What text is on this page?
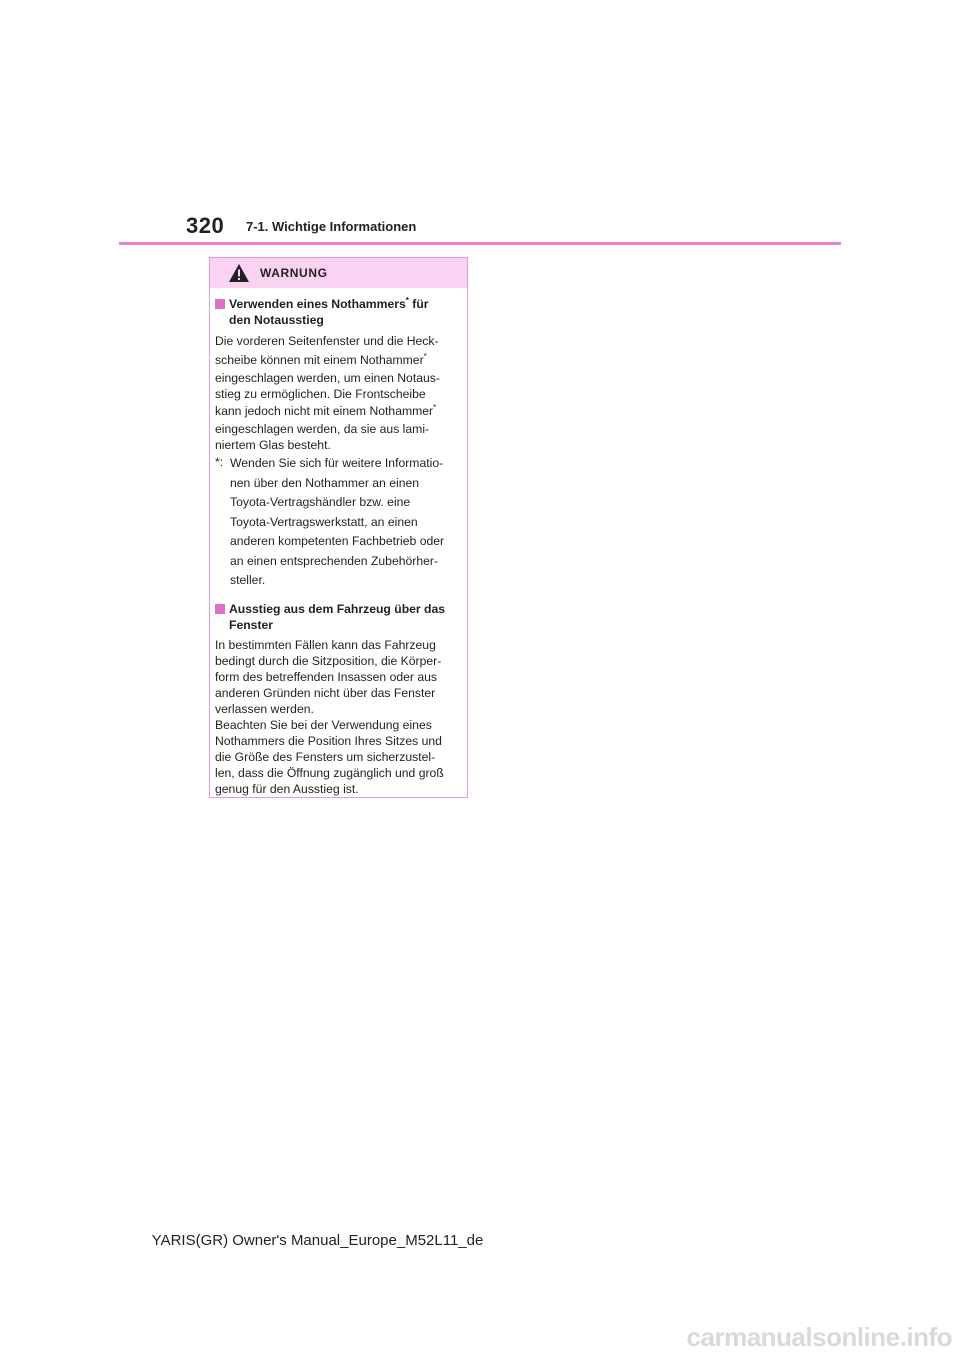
320 7-1. Wichtige Informationen
WARNUNG
Verwenden eines Nothammers* für
den Notausstieg
Die vorderen Seitenfenster und die Heck-
scheibe können mit einem Nothammer*
eingeschlagen werden, um einen Notaus-
stieg zu ermöglichen. Die Frontscheibe
kann jedoch nicht mit einem Nothammer*
eingeschlagen werden, da sie aus lami-
niertem Glas besteht.
*: Wenden Sie sich für weitere Informatio-
nen über den Nothammer an einen
Toyota-Vertragshändler bzw. eine
Toyota-Vertragswerkstatt, an einen
anderen kompetenten Fachbetrieb oder
an einen entsprechenden Zubehörher-
steller.
Ausstieg aus dem Fahrzeug über das
Fenster
In bestimmten Fällen kann das Fahrzeug
bedingt durch die Sitzposition, die Körper-
form des betreffenden Insassen oder aus
anderen Gründen nicht über das Fenster
verlassen werden.
Beachten Sie bei der Verwendung eines
Nothammers die Position Ihres Sitzes und
die Größe des Fensters um sicherzustel-
len, dass die Öffnung zugänglich und groß
genug für den Ausstieg ist.
YARIS(GR) Owner's Manual_Europe_M52L11_de
carmanualsonline.info
